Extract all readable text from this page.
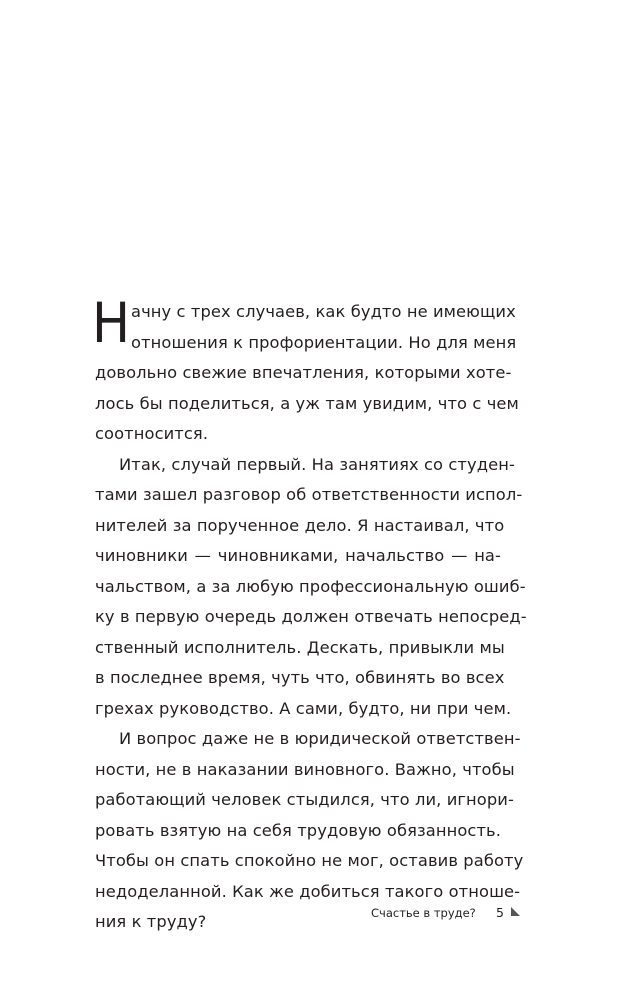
Н ачну с трех случаев, как будто не имеющих
отношения к профориентации. Но для меня
довольно свежие впечатления, которыми хоте-
лось бы поделиться, а уж там увидим, что с чем
соотносится.
Итак, случай первый. На занятиях со студен-
тами зашел разговор об ответственности испол-
нителей за порученное дело. Я настаивал, что
чиновники — чиновниками, начальство — на-
чальством, а за любую профессиональную ошиб-
ку в первую очередь должен отвечать непосред-
ственный исполнитель. Дескать, привыкли мы
в последнее время, чуть что, обвинять во всех
грехах руководство. А сами, будто, ни при чем.
И вопрос даже не в юридической ответствен-
ности, не в наказании виновного. Важно, чтобы
работающий человек стыдился, что ли, игнори-
ровать взятую на себя трудовую обязанность.
Чтобы он спать спокойно не мог, оставив работу
недоделанной. Как же добиться такого отноше-
ния к труду?	Счастье в труде? 5
